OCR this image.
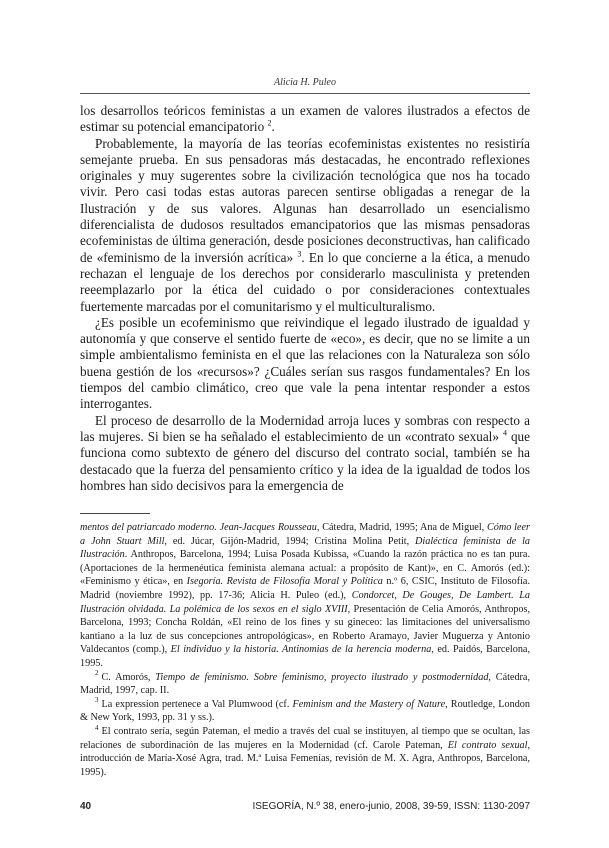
Alicia H. Puleo

los desarrollos teóricos feministas a un examen de valores ilustrados a efectos de estimar su potencial emancipatorio $^2$.

Probablemente, la mayoría de las teorías ecofeministas existentes no resistiría semejante prueba. En sus pensadoras más destacadas, he encontrado reflexiones originales y muy sugerentes sobre la civilización tecnológica que nos ha tocado vivir. Pero casi todas estas autoras parecen sentirse obligadas a renegar de la Ilustración y de sus valores. Algunas han desarrollado un esencialismo diferencialista de dudosos resultados emancipatorios que las mismas pensadoras ecofeministas de última generación, desde posiciones deconstructivas, han calificado de «feminismo de la inversión acrítica» $^3$. En lo que concierne a la ética, a menudo rechazan el lenguaje de los derechos por considerarlo masculinista y pretenden reeemplazarlo por la ética del cuidado o por consideraciones contextuales fuertemente marcadas por el comunitarismo y el multiculturalismo.

¿Es posible un ecofeminismo que reivindique el legado ilustrado de igualdad y autonomía y que conserve el sentido fuerte de «eco», es decir, que no se limite a un simple ambientalismo feminista en el que las relaciones con la Naturaleza son sólo buena gestión de los «recursos»? ¿Cuáles serían sus rasgos fundamentales? En los tiempos del cambio climático, creo que vale la pena intentar responder a estos interrogantes.

El proceso de desarrollo de la Modernidad arroja luces y sombras con respecto a las mujeres. Si bien se ha señalado el establecimiento de un «contrato sexual» $^4$ que funciona como subtexto de género del discurso del contrato social, también se ha destacado que la fuerza del pensamiento crítico y la idea de la igualdad de todos los hombres han sido decisivos para la emergencia de

mentos del patriarcado moderno. Jean-Jacques Rousseau, Cátedra, Madrid, 1995; Ana de Miguel, Cómo leer a John Stuart Mill, ed. Júcar, Gijón-Madrid, 1994; Cristina Molina Petit, Dialéctica feminista de la Ilustración. Anthropos, Barcelona, 1994; Luisa Posada Kubissa, «Cuando la razón práctica no es tan pura. (Aportaciones de la hermenéutica feminista alemana actual: a propósito de Kant)», en C. Amorós (ed.): «Feminismo y ética», en Isegoría. Revista de Filosofía Moral y Política n.º 6, CSIC, Instituto de Filosofía. Madrid (noviembre 1992), pp. 17-36; Alicia H. Puleo (ed.), Condorcet, De Gouges, De Lambert. La Ilustración olvidada. La polémica de los sexos en el siglo XVIII, Presentación de Celia Amorós, Anthropos, Barcelona, 1993; Concha Roldán, «El reino de los fines y su gineceo: las limitaciones del universalismo kantiano a la luz de sus concepciones antropológicas», en Roberto Aramayo, Javier Muguerza y Antonio Valdecantos (comp.), El individuo y la historia. Antinomias de la herencia moderna, ed. Paidós, Barcelona, 1995.

$^2$ C. Amorós, Tiempo de feminismo. Sobre feminismo, proyecto ilustrado y postmodernidad, Cátedra, Madrid, 1997, cap. II.

$^3$ La expression pertenece a Val Plumwood (cf. Feminism and the Mastery of Nature, Routledge, London & New York, 1993, pp. 31 y ss.).

$^4$ El contrato sería, según Pateman, el medio a través del cual se instituyen, al tiempo que se ocultan, las relaciones de subordinación de las mujeres en la Modernidad (cf. Carole Pateman, El contrato sexual, introducción de María-Xosé Agra, trad. M.ª Luisa Femenías, revisión de M. X. Agra, Anthropos, Barcelona, 1995).

40	ISEGORÍA, N.º 38, enero-junio, 2008, 39-59, ISSN: 1130-2097
